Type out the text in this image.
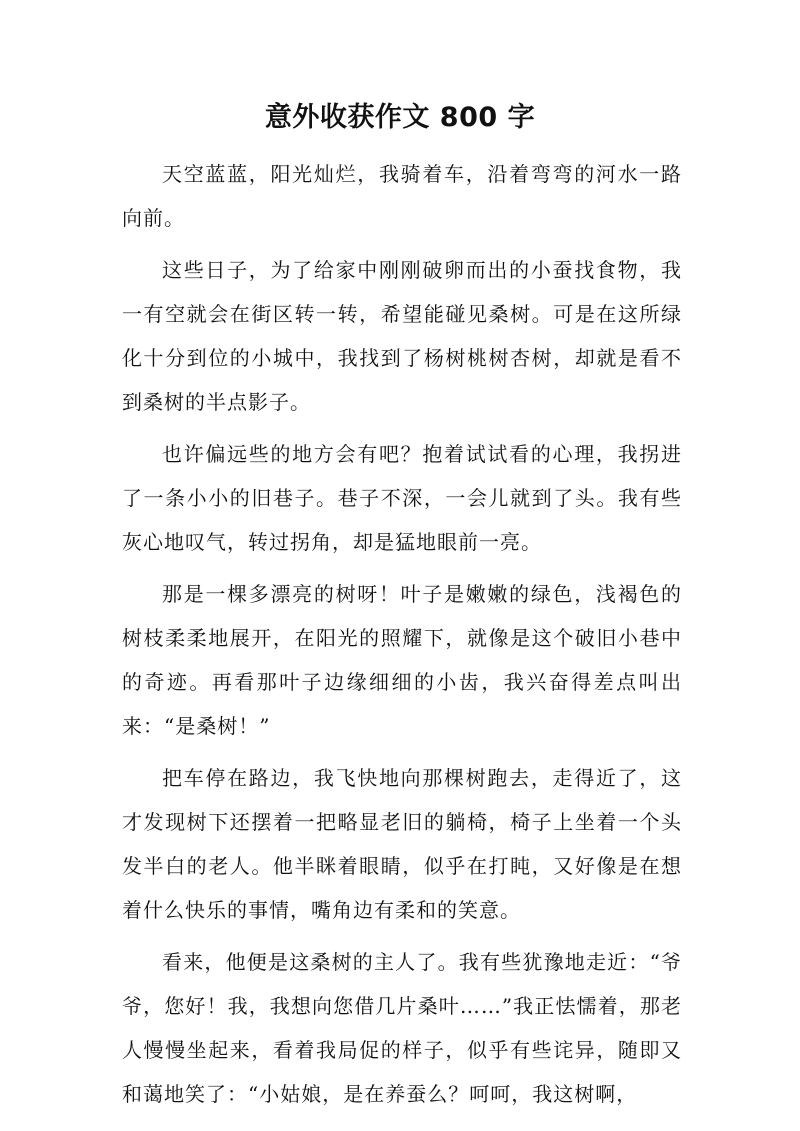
意外收获作文 800 字

天空蓝蓝，阳光灿烂，我骑着车，沿着弯弯的河水一路向前。

这些日子，为了给家中刚刚破卵而出的小蚕找食物，我一有空就会在街区转一转，希望能碰见桑树。可是在这所绿化十分到位的小城中，我找到了杨树桃树杏树，却就是看不到桑树的半点影子。

也许偏远些的地方会有吧？抱着试试看的心理，我拐进了一条小小的旧巷子。巷子不深，一会儿就到了头。我有些灰心地叹气，转过拐角，却是猛地眼前一亮。

那是一棵多漂亮的树呀！叶子是嫩嫩的绿色，浅褐色的树枝柔柔地展开，在阳光的照耀下，就像是这个破旧小巷中的奇迹。再看那叶子边缘细细的小齿，我兴奋得差点叫出来：“是桑树！”

把车停在路边，我飞快地向那棵树跑去，走得近了，这才发现树下还摆着一把略显老旧的躺椅，椅子上坐着一个头发半白的老人。他半眯着眼睛，似乎在打盹，又好像是在想着什么快乐的事情，嘴角边有柔和的笑意。

看来，他便是这桑树的主人了。我有些犹豫地走近：“爷爷，您好！我，我想向您借几片桑叶……”我正怯懦着，那老人慢慢坐起来，看着我局促的样子，似乎有些诧异，随即又和蔼地笑了：“小姑娘，是在养蚕么？呵呵，我这树啊，
